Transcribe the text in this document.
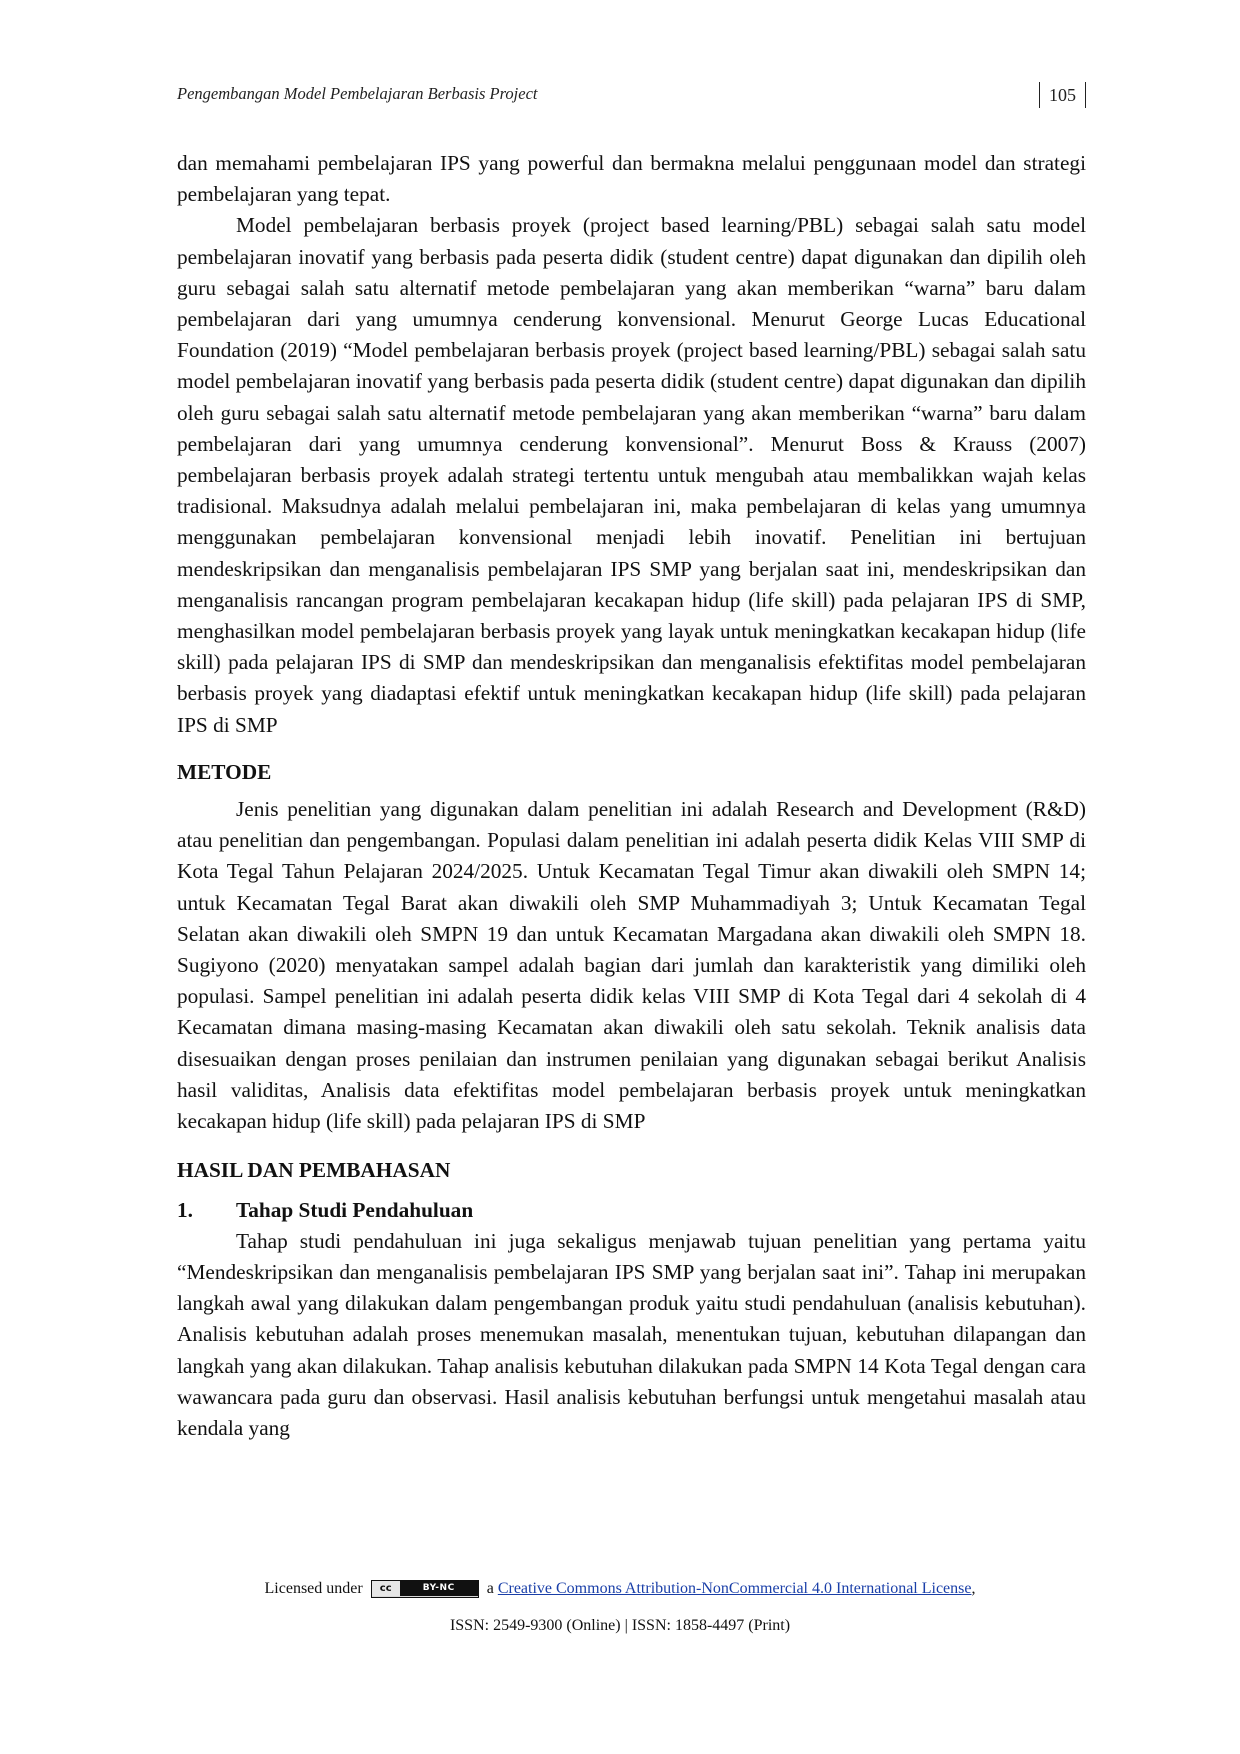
Pengembangan Model Pembelajaran Berbasis Project	105

dan memahami pembelajaran IPS yang powerful dan bermakna melalui penggunaan model dan strategi pembelajaran yang tepat.

Model pembelajaran berbasis proyek (project based learning/PBL) sebagai salah satu model pembelajaran inovatif yang berbasis pada peserta didik (student centre) dapat digunakan dan dipilih oleh guru sebagai salah satu alternatif metode pembelajaran yang akan memberikan “warna” baru dalam pembelajaran dari yang umumnya cenderung konvensional. Menurut George Lucas Educational Foundation (2019) “Model pembelajaran berbasis proyek (project based learning/PBL) sebagai salah satu model pembelajaran inovatif yang berbasis pada peserta didik (student centre) dapat digunakan dan dipilih oleh guru sebagai salah satu alternatif metode pembelajaran yang akan memberikan “warna” baru dalam pembelajaran dari yang umumnya cenderung konvensional”. Menurut Boss & Krauss (2007) pembelajaran berbasis proyek adalah strategi tertentu untuk mengubah atau membalikkan wajah kelas tradisional. Maksudnya adalah melalui pembelajaran ini, maka pembelajaran di kelas yang umumnya menggunakan pembelajaran konvensional menjadi lebih inovatif. Penelitian ini bertujuan mendeskripsikan dan menganalisis pembelajaran IPS SMP yang berjalan saat ini, mendeskripsikan dan menganalisis rancangan program pembelajaran kecakapan hidup (life skill) pada pelajaran IPS di SMP, menghasilkan model pembelajaran berbasis proyek yang layak untuk meningkatkan kecakapan hidup (life skill) pada pelajaran IPS di SMP dan mendeskripsikan dan menganalisis efektifitas model pembelajaran berbasis proyek yang diadaptasi efektif untuk meningkatkan kecakapan hidup (life skill) pada pelajaran IPS di SMP

METODE

Jenis penelitian yang digunakan dalam penelitian ini adalah Research and Development (R&D) atau penelitian dan pengembangan. Populasi dalam penelitian ini adalah peserta didik Kelas VIII SMP di Kota Tegal Tahun Pelajaran 2024/2025. Untuk Kecamatan Tegal Timur akan diwakili oleh SMPN 14; untuk Kecamatan Tegal Barat akan diwakili oleh SMP Muhammadiyah 3; Untuk Kecamatan Tegal Selatan akan diwakili oleh SMPN 19 dan untuk Kecamatan Margadana akan diwakili oleh SMPN 18. Sugiyono (2020) menyatakan sampel adalah bagian dari jumlah dan karakteristik yang dimiliki oleh populasi. Sampel penelitian ini adalah peserta didik kelas VIII SMP di Kota Tegal dari 4 sekolah di 4 Kecamatan dimana masing-masing Kecamatan akan diwakili oleh satu sekolah. Teknik analisis data disesuaikan dengan proses penilaian dan instrumen penilaian yang digunakan sebagai berikut Analisis hasil validitas, Analisis data efektifitas model pembelajaran berbasis proyek untuk meningkatkan kecakapan hidup (life skill) pada pelajaran IPS di SMP

HASIL DAN PEMBAHASAN
1.	Tahap Studi Pendahuluan

Tahap studi pendahuluan ini juga sekaligus menjawab tujuan penelitian yang pertama yaitu “Mendeskripsikan dan menganalisis pembelajaran IPS SMP yang berjalan saat ini”. Tahap ini merupakan langkah awal yang dilakukan dalam pengembangan produk yaitu studi pendahuluan (analisis kebutuhan). Analisis kebutuhan adalah proses menemukan masalah, menentukan tujuan, kebutuhan dilapangan dan langkah yang akan dilakukan. Tahap analisis kebutuhan dilakukan pada SMPN 14 Kota Tegal dengan cara wawancara pada guru dan observasi. Hasil analisis kebutuhan berfungsi untuk mengetahui masalah atau kendala yang

Licensed under	cc	BY-NC	a Creative Commons Attribution-NonCommercial 4.0 International License,
ISSN: 2549-9300 (Online) | ISSN: 1858-4497 (Print)
